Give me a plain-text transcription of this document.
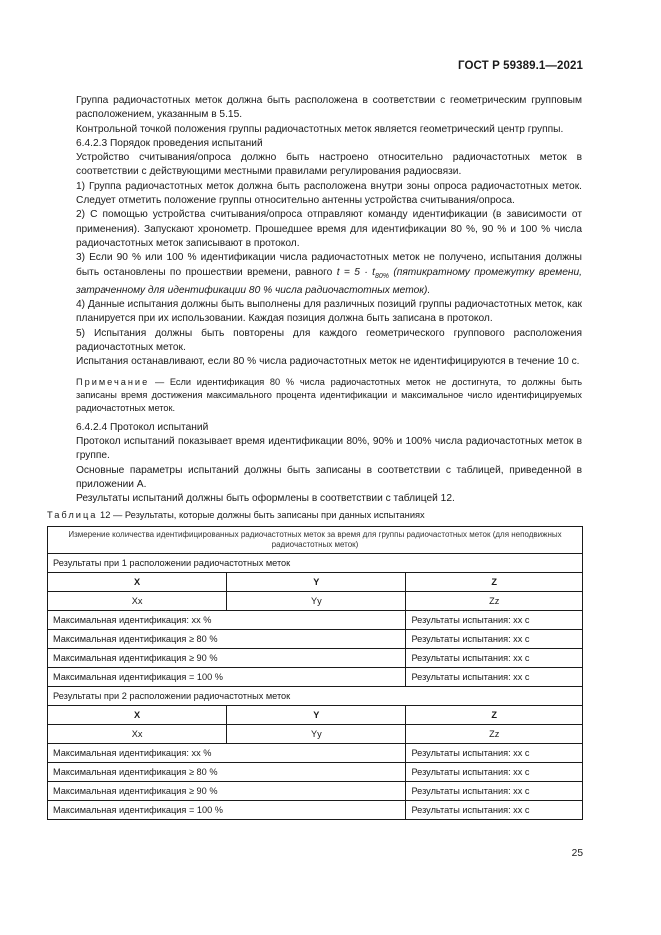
ГОСТ Р 59389.1—2021

Группа радиочастотных меток должна быть расположена в соответствии с геометрическим групповым расположением, указанным в 5.15.

Контрольной точкой положения группы радиочастотных меток является геометрический центр группы.

6.4.2.3 Порядок проведения испытаний

Устройство считывания/опроса должно быть настроено относительно радиочастотных меток в соответствии с действующими местными правилами регулирования радиосвязи.

1) Группа радиочастотных меток должна быть расположена внутри зоны опроса радиочастотных меток. Следует отметить положение группы относительно антенны устройства считывания/опроса.

2) С помощью устройства считывания/опроса отправляют команду идентификации (в зависимости от применения). Запускают хронометр. Прошедшее время для идентификации 80 %, 90 % и 100 % числа радиочастотных меток записывают в протокол.

3) Если 90 % или 100 % идентификации числа радиочастотных меток не получено, испытания должны быть остановлены по прошествии времени, равного $t = 5 \cdot t_{80\%}$ (пятикратному промежутку времени, затраченному для идентификации 80 % числа радиочастотных меток).

4) Данные испытания должны быть выполнены для различных позиций группы радиочастотных меток, как планируется при их использовании. Каждая позиция должна быть записана в протокол.

5) Испытания должны быть повторены для каждого геометрического группового расположения радиочастотных меток.

Испытания останавливают, если 80 % числа радиочастотных меток не идентифицируются в течение 10 с.

Примечание — Если идентификация 80 % числа радиочастотных меток не достигнута, то должны быть записаны время достижения максимального процента идентификации и максимальное число идентифицируемых радиочастотных меток.

6.4.2.4 Протокол испытаний

Протокол испытаний показывает время идентификации 80%, 90% и 100% числа радиочастотных меток в группе.

Основные параметры испытаний должны быть записаны в соответствии с таблицей, приведенной в приложении А.

Результаты испытаний должны быть оформлены в соответствии с таблицей 12.

Таблица 12 — Результаты, которые должны быть записаны при данных испытаниях
Измерение количества идентифицированных радиочастотных меток за время для группы радиочастотных меток (для неподвижных радиочастотных меток)		
Результаты при 1 расположении радиочастотных меток		
X	Y	Z
Xx	Yy	Zz
Максимальная идентификация: хх %		Результаты испытания: хх с
Максимальная идентификация ≥ 80 %		Результаты испытания: хх с
Максимальная идентификация ≥ 90 %		Результаты испытания: хх с
Максимальная идентификация = 100 %		Результаты испытания: хх с
Результаты при 2 расположении радиочастотных меток		
X	Y	Z
Xx	Yy	Zz
Максимальная идентификация: хх %		Результаты испытания: хх с
Максимальная идентификация ≥ 80 %		Результаты испытания: хх с
Максимальная идентификация ≥ 90 %		Результаты испытания: хх с
Максимальная идентификация = 100 %		Результаты испытания: хх с
25
